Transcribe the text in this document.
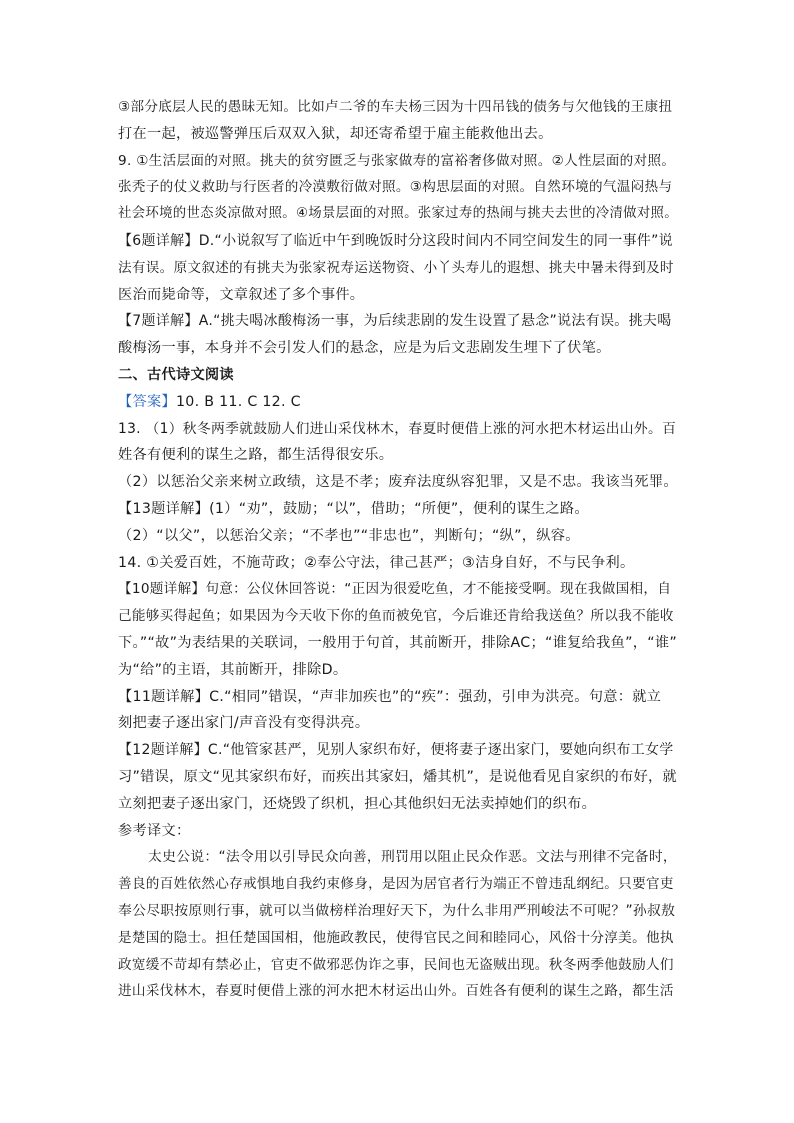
③部分底层人民的愚昧无知。比如卢二爷的车夫杨三因为十四吊钱的债务与欠他钱的王康扭

打在一起，被巡警弹压后双双入狱，却还寄希望于雇主能救他出去。

9. ①生活层面的对照。挑夫的贫穷匮乏与张家做寿的富裕奢侈做对照。②人性层面的对照。

张秃子的仗义救助与行医者的冷漠敷衍做对照。③构思层面的对照。自然环境的气温闷热与

社会环境的世态炎凉做对照。④场景层面的对照。张家过寿的热闹与挑夫去世的冷清做对照。

【6题详解】D.“小说叙写了临近中午到晚饭时分这段时间内不同空间发生的同一事件”说

法有误。原文叙述的有挑夫为张家祝寿运送物资、小丫头寿儿的遐想、挑夫中暑未得到及时

医治而毙命等，文章叙述了多个事件。

【7题详解】A.“挑夫喝冰酸梅汤一事，为后续悲剧的发生设置了悬念”说法有误。挑夫喝

酸梅汤一事，本身并不会引发人们的悬念，应是为后文悲剧发生埋下了伏笔。

二、古代诗文阅读

【答案】10. B 11. C 12. C

13. （1）秋冬两季就鼓励人们进山采伐林木，春夏时便借上涨的河水把木材运出山外。百

姓各有便利的谋生之路，都生活得很安乐。

（2）以惩治父亲来树立政绩，这是不孝；废弃法度纵容犯罪，又是不忠。我该当死罪。

【13题详解】(1）“劝”，鼓励；“以”，借助；“所便”，便利的谋生之路。

（2）“以父”，以惩治父亲；“不孝也”“非忠也”，判断句；“纵”，纵容。

14. ①关爱百姓，不施苛政；②奉公守法，律己甚严；③洁身自好，不与民争利。

【10题详解】句意：公仪休回答说：“正因为很爱吃鱼，才不能接受啊。现在我做国相，自

己能够买得起鱼；如果因为今天收下你的鱼而被免官，今后谁还肯给我送鱼？所以我不能收

下。”“故”为表结果的关联词，一般用于句首，其前断开，排除AC；“谁复给我鱼”，“谁”

为“给”的主语，其前断开，排除D。

【11题详解】C.“相同”错误，“声非加疾也”的“疾”：强劲，引申为洪亮。句意：就立

刻把妻子逐出家门/声音没有变得洪亮。

【12题详解】C.“他管家甚严，见别人家织布好，便将妻子逐出家门，要她向织布工女学

习”错误，原文“见其家织布好，而疾出其家妇，燔其机”，是说他看见自家织的布好，就

立刻把妻子逐出家门，还烧毁了织机，担心其他织妇无法卖掉她们的织布。

参考译文：

太史公说：“法令用以引导民众向善，刑罚用以阻止民众作恶。文法与刑律不完备时，

善良的百姓依然心存戒惧地自我约束修身，是因为居官者行为端正不曾违乱纲纪。只要官吏

奉公尽职按原则行事，就可以当做榜样治理好天下，为什么非用严刑峻法不可呢？”孙叔敖

是楚国的隐士。担任楚国国相，他施政教民，使得官民之间和睦同心，风俗十分淳美。他执

政宽缓不苛却有禁必止，官吏不做邪恶伪诈之事，民间也无盗贼出现。秋冬两季他鼓励人们

进山采伐林木，春夏时便借上涨的河水把木材运出山外。百姓各有便利的谋生之路，都生活
